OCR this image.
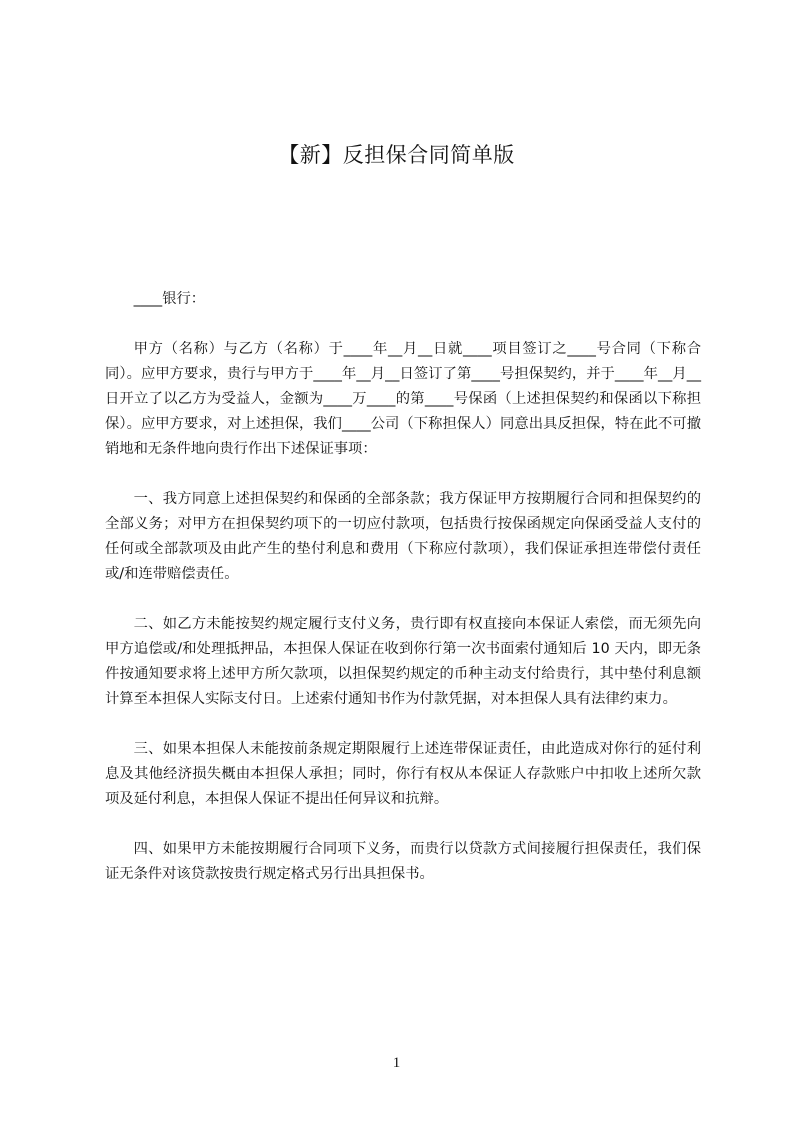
【新】反担保合同简单版

____银行：

甲方（名称）与乙方（名称）于____年__月__日就____项目签订之____号合同（下称合同）。应甲方要求，贵行与甲方于____年__月__日签订了第____号担保契约，并于____年__月__日开立了以乙方为受益人，金额为____万____的第____号保函（上述担保契约和保函以下称担保）。应甲方要求，对上述担保，我们____公司（下称担保人）同意出具反担保，特在此不可撤销地和无条件地向贵行作出下述保证事项：

一、我方同意上述担保契约和保函的全部条款；我方保证甲方按期履行合同和担保契约的全部义务；对甲方在担保契约项下的一切应付款项，包括贵行按保函规定向保函受益人支付的任何或全部款项及由此产生的垫付利息和费用（下称应付款项），我们保证承担连带偿付责任或/和连带赔偿责任。

二、如乙方未能按契约规定履行支付义务，贵行即有权直接向本保证人索偿，而无须先向甲方追偿或/和处理抵押品，本担保人保证在收到你行第一次书面索付通知后 10 天内，即无条件按通知要求将上述甲方所欠款项，以担保契约规定的币种主动支付给贵行，其中垫付利息额计算至本担保人实际支付日。上述索付通知书作为付款凭据，对本担保人具有法律约束力。

三、如果本担保人未能按前条规定期限履行上述连带保证责任，由此造成对你行的延付利息及其他经济损失概由本担保人承担；同时，你行有权从本保证人存款账户中扣收上述所欠款项及延付利息，本担保人保证不提出任何异议和抗辩。

四、如果甲方未能按期履行合同项下义务，而贵行以贷款方式间接履行担保责任，我们保证无条件对该贷款按贵行规定格式另行出具担保书。

1
